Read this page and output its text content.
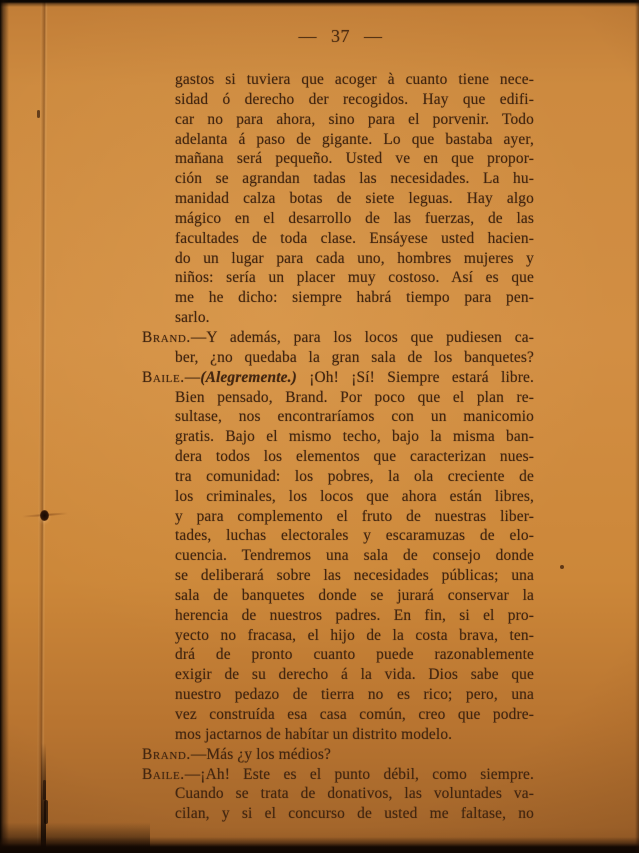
— 37 —
gastos si tuviera que acoger à cuanto tiene nece-
sidad ó derecho der recogidos. Hay que edifi-
car no para ahora, sino para el porvenir. Todo
adelanta á paso de gigante. Lo que bastaba ayer,
mañana será pequeño. Usted ve en que propor-
ción se agrandan tadas las necesidades. La hu-
manidad calza botas de siete leguas. Hay algo
mágico en el desarrollo de las fuerzas, de las
facultades de toda clase. Ensáyese usted hacien-
do un lugar para cada uno, hombres mujeres y
niños: sería un placer muy costoso. Así es que
me he dicho: siempre habrá tiempo para pen-
sarlo.
Brand.—Y además, para los locos que pudiesen ca-
ber, ¿no quedaba la gran sala de los banquetes?
Baile.—(Alegremente.) ¡Oh! ¡Sí! Siempre estará libre.
Bien pensado, Brand. Por poco que el plan re-
sultase, nos encontraríamos con un manicomio
gratis. Bajo el mismo techo, bajo la misma ban-
dera todos los elementos que caracterizan nues-
tra comunidad: los pobres, la ola creciente de
los criminales, los locos que ahora están libres,
y para complemento el fruto de nuestras liber-
tades, luchas electorales y escaramuzas de elo-
cuencia. Tendremos una sala de consejo donde
se deliberará sobre las necesidades públicas; una
sala de banquetes donde se jurará conservar la
herencia de nuestros padres. En fin, si el pro-
yecto no fracasa, el hijo de la costa brava, ten-
drá de pronto cuanto puede razonablemente
exigir de su derecho á la vida. Dios sabe que
nuestro pedazo de tierra no es rico; pero, una
vez construída esa casa común, creo que podre-
mos jactarnos de habítar un distrito modelo.
Brand.—Más ¿y los médios?
Baile.—¡Ah! Este es el punto débil, como siempre.
Cuando se trata de donativos, las voluntades va-
cilan, y si el concurso de usted me faltase, no
